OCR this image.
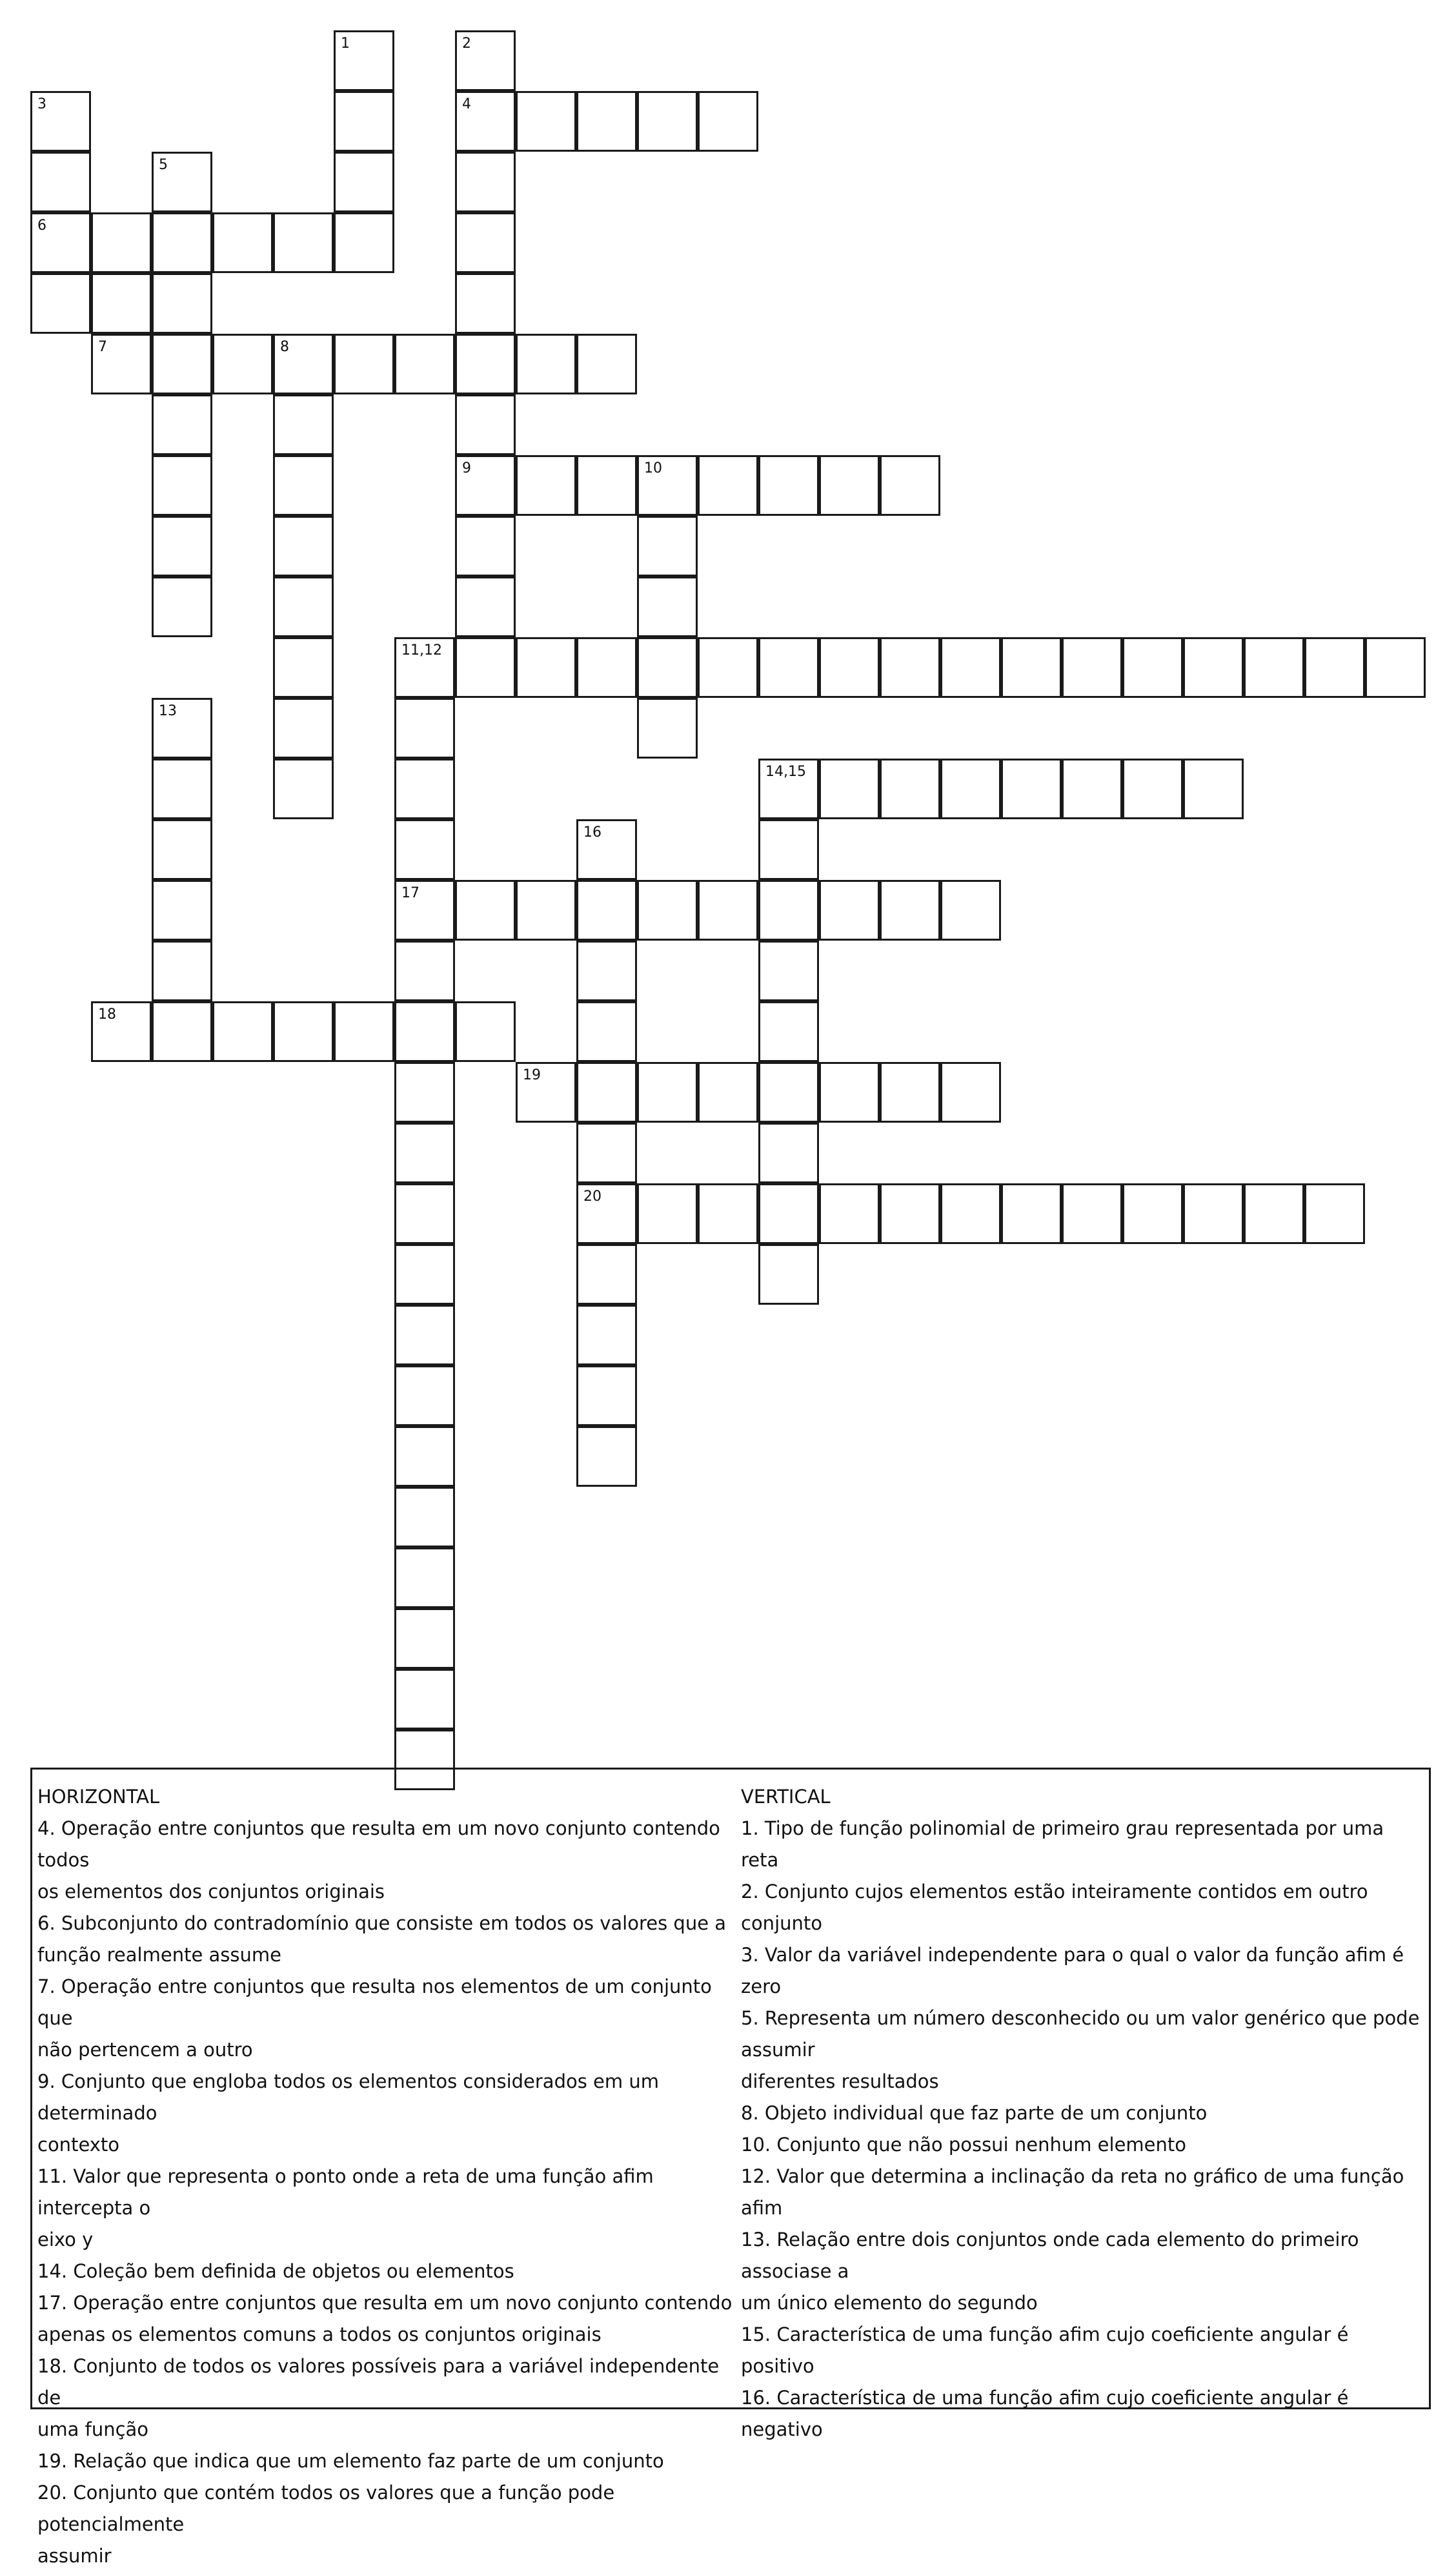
1	2
4
9
3
6
5
7	8
10
11,12
17
13
14,15
16
20
18
19
HORIZONTAL
4. Operação entre conjuntos que resulta em um novo conjunto contendo todos
os elementos dos conjuntos originais
6. Subconjunto do contradomínio que consiste em todos os valores que a
função realmente assume
7. Operação entre conjuntos que resulta nos elementos de um conjunto que
não pertencem a outro
9. Conjunto que engloba todos os elementos considerados em um determinado
contexto
11. Valor que representa o ponto onde a reta de uma função afim intercepta o
eixo y
14. Coleção bem definida de objetos ou elementos
17. Operação entre conjuntos que resulta em um novo conjunto contendo
apenas os elementos comuns a todos os conjuntos originais
18. Conjunto de todos os valores possíveis para a variável independente de
uma função
19. Relação que indica que um elemento faz parte de um conjunto
20. Conjunto que contém todos os valores que a função pode potencialmente
assumir
VERTICAL
1. Tipo de função polinomial de primeiro grau representada por uma reta
2. Conjunto cujos elementos estão inteiramente contidos em outro conjunto
3. Valor da variável independente para o qual o valor da função afim é zero
5. Representa um número desconhecido ou um valor genérico que pode assumir
diferentes resultados
8. Objeto individual que faz parte de um conjunto
10. Conjunto que não possui nenhum elemento
12. Valor que determina a inclinação da reta no gráfico de uma função afim
13. Relação entre dois conjuntos onde cada elemento do primeiro associase a
um único elemento do segundo
15. Característica de uma função afim cujo coeficiente angular é positivo
16. Característica de uma função afim cujo coeficiente angular é negativo
